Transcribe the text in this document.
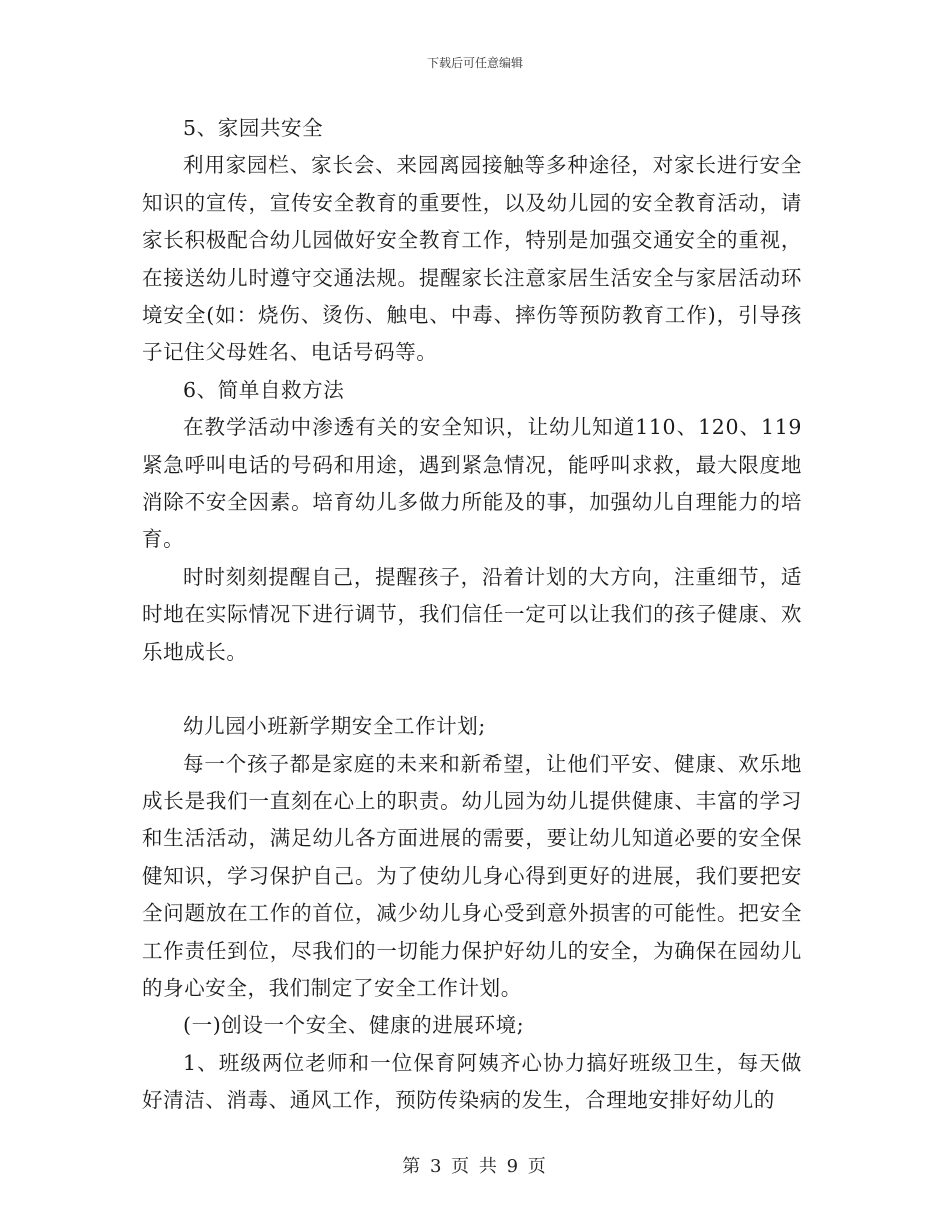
下载后可任意编辑

5、家园共安全

利用家园栏、家长会、来园离园接触等多种途径，对家长进行安全知识的宣传，宣传安全教育的重要性，以及幼儿园的安全教育活动，请家长积极配合幼儿园做好安全教育工作，特别是加强交通安全的重视，在接送幼儿时遵守交通法规。提醒家长注意家居生活安全与家居活动环境安全(如：烧伤、烫伤、触电、中毒、摔伤等预防教育工作)，引导孩子记住父母姓名、电话号码等。

6、简单自救方法

在教学活动中渗透有关的安全知识，让幼儿知道110、120、119紧急呼叫电话的号码和用途，遇到紧急情况，能呼叫求救，最大限度地消除不安全因素。培育幼儿多做力所能及的事，加强幼儿自理能力的培育。

时时刻刻提醒自己，提醒孩子，沿着计划的大方向，注重细节，适时地在实际情况下进行调节，我们信任一定可以让我们的孩子健康、欢乐地成长。

幼儿园小班新学期安全工作计划;

每一个孩子都是家庭的未来和新希望，让他们平安、健康、欢乐地成长是我们一直刻在心上的职责。幼儿园为幼儿提供健康、丰富的学习和生活活动，满足幼儿各方面进展的需要，要让幼儿知道必要的安全保健知识，学习保护自己。为了使幼儿身心得到更好的进展，我们要把安全问题放在工作的首位，减少幼儿身心受到意外损害的可能性。把安全工作责任到位，尽我们的一切能力保护好幼儿的安全，为确保在园幼儿的身心安全，我们制定了安全工作计划。

(一)创设一个安全、健康的进展环境;

1、班级两位老师和一位保育阿姨齐心协力搞好班级卫生，每天做好清洁、消毒、通风工作，预防传染病的发生，合理地安排好幼儿的

第 3 页 共 9 页
